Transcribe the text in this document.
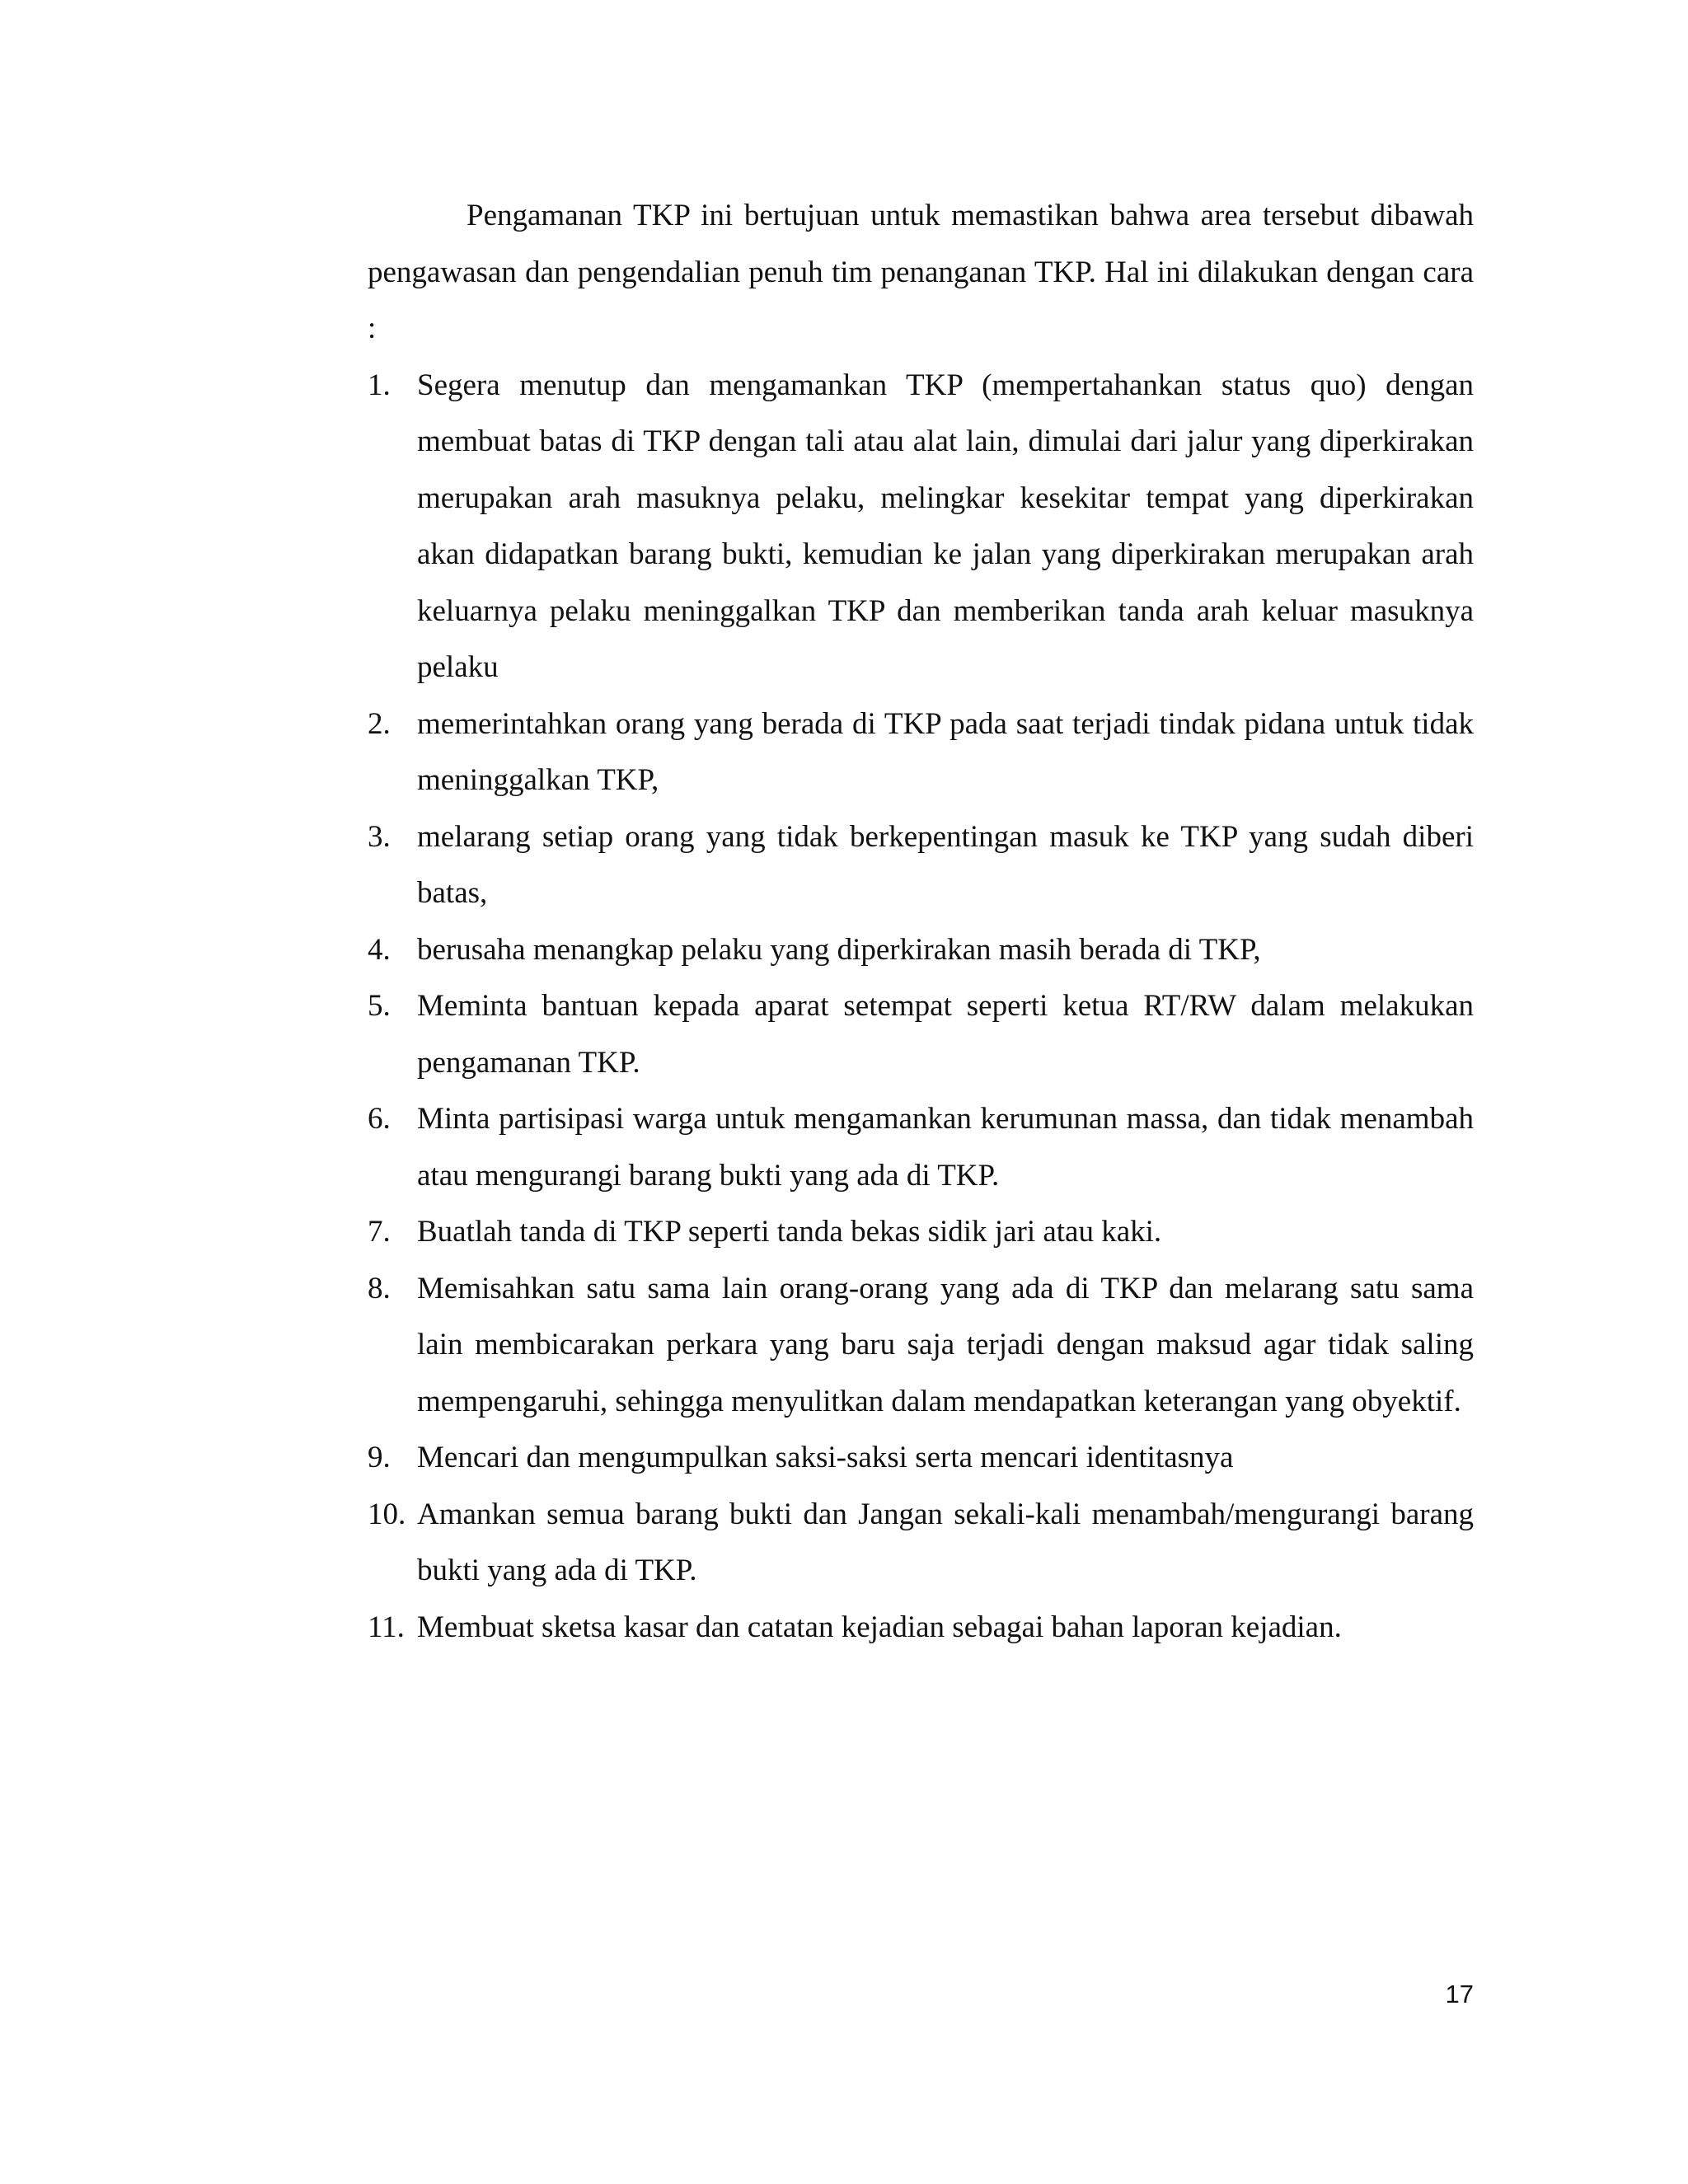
Pengamanan TKP ini bertujuan untuk memastikan bahwa area tersebut dibawah pengawasan dan pengendalian penuh tim penanganan TKP. Hal ini dilakukan dengan cara :

1. Segera menutup dan mengamankan TKP (mempertahankan status quo) dengan membuat batas di TKP dengan tali atau alat lain, dimulai dari jalur yang diperkirakan merupakan arah masuknya pelaku, melingkar kesekitar tempat yang diperkirakan akan didapatkan barang bukti, kemudian ke jalan yang diperkirakan merupakan arah keluarnya pelaku meninggalkan TKP dan memberikan tanda arah keluar masuknya pelaku
2. memerintahkan orang yang berada di TKP pada saat terjadi tindak pidana untuk tidak meninggalkan TKP,
3. melarang setiap orang yang tidak berkepentingan masuk ke TKP yang sudah diberi batas,
4. berusaha menangkap pelaku yang diperkirakan masih berada di TKP,
5. Meminta bantuan kepada aparat setempat seperti ketua RT/RW dalam melakukan pengamanan TKP.
6. Minta partisipasi warga untuk mengamankan kerumunan massa, dan tidak menambah atau mengurangi barang bukti yang ada di TKP.
7. Buatlah tanda di TKP seperti tanda bekas sidik jari atau kaki.
8. Memisahkan satu sama lain orang-orang yang ada di TKP dan melarang satu sama lain membicarakan perkara yang baru saja terjadi dengan maksud agar tidak saling mempengaruhi, sehingga menyulitkan dalam mendapatkan keterangan yang obyektif.
9. Mencari dan mengumpulkan saksi-saksi serta mencari identitasnya
10. Amankan semua barang bukti dan Jangan sekali-kali menambah/mengurangi barang bukti yang ada di TKP.
11. Membuat sketsa kasar dan catatan kejadian sebagai bahan laporan kejadian.
17
